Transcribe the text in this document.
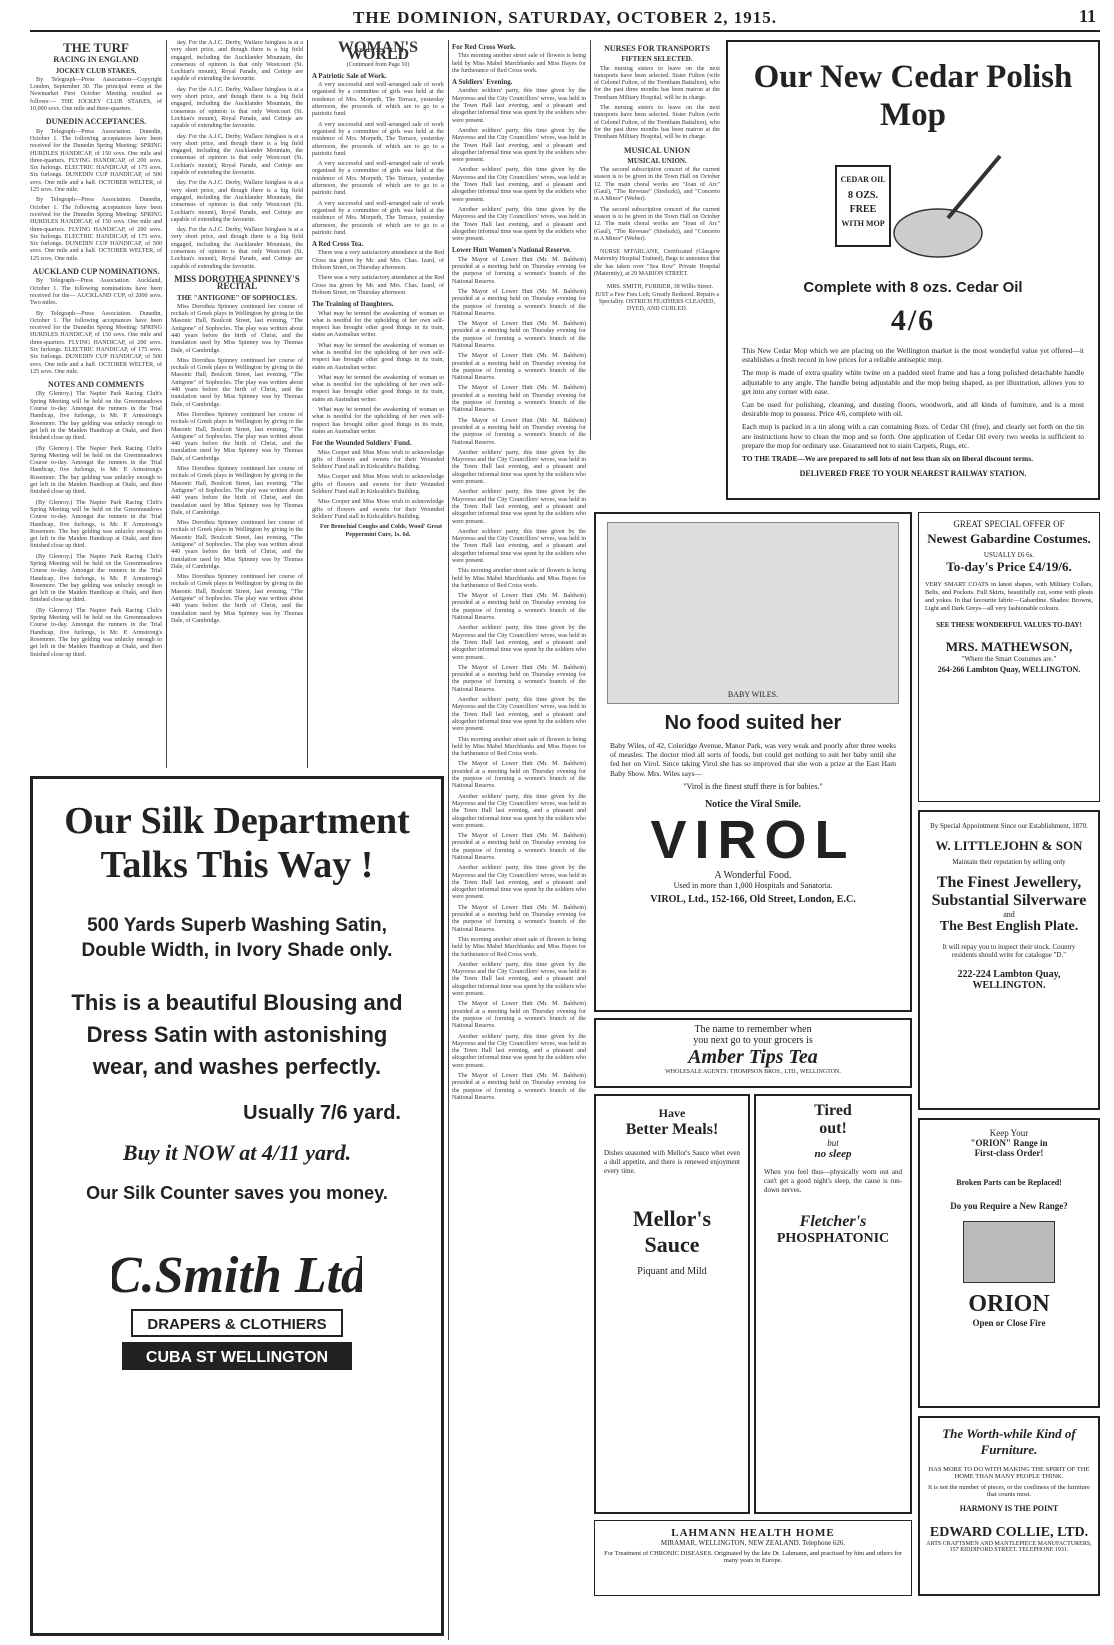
THE DOMINION, SATURDAY, OCTOBER 2, 1915.	11
THE TURF
RACING IN ENGLAND
JOCKEY CLUB STAKES.

By Telegraph—Press Association—Copyright London, September 30. The principal event at the Newmarket First October Meeting resulted as follows:— THE JOCKEY CLUB STAKES, of 10,000 sovs. One mile and three-quarters.

DUNEDIN ACCEPTANCES.

By Telegraph—Press Association. Dunedin, October 1. The following acceptances have been received for the Dunedin Spring Meeting: SPRING HURDLES HANDICAP, of 150 sovs. One mile and three-quarters. FLYING HANDICAP, of 200 sovs. Six furlongs. ELECTRIC HANDICAP, of 175 sovs. Six furlongs. DUNEDIN CUP HANDICAP, of 500 sovs. One mile and a half. OCTOBER WELTER, of 125 sovs. One mile.

By Telegraph—Press Association. Dunedin, October 1. The following acceptances have been received for the Dunedin Spring Meeting: SPRING HURDLES HANDICAP, of 150 sovs. One mile and three-quarters. FLYING HANDICAP, of 200 sovs. Six furlongs. ELECTRIC HANDICAP, of 175 sovs. Six furlongs. DUNEDIN CUP HANDICAP, of 500 sovs. One mile and a half. OCTOBER WELTER, of 125 sovs. One mile.

AUCKLAND CUP NOMINATIONS.

By Telegraph—Press Association. Auckland, October 1. The following nominations have been received for the— AUCKLAND CUP, of 2000 sovs. Two miles.

By Telegraph—Press Association. Dunedin, October 1. The following acceptances have been received for the Dunedin Spring Meeting: SPRING HURDLES HANDICAP, of 150 sovs. One mile and three-quarters. FLYING HANDICAP, of 200 sovs. Six furlongs. ELECTRIC HANDICAP, of 175 sovs. Six furlongs. DUNEDIN CUP HANDICAP, of 500 sovs. One mile and a half. OCTOBER WELTER, of 125 sovs. One mile.

NOTES AND COMMENTS

(By Glenroy.) The Napier Park Racing Club's Spring Meeting will be held on the Greenmeadows Course to-day. Amongst the runners in the Trial Handicap, five furlongs, is Mr. P. Armstrong's Rosemore. The bay gelding was unlucky enough to get left in the Maiden Handicap at Otaki, and then finished close up third.

(By Glenroy.) The Napier Park Racing Club's Spring Meeting will be held on the Greenmeadows Course to-day. Amongst the runners in the Trial Handicap, five furlongs, is Mr. P. Armstrong's Rosemore. The bay gelding was unlucky enough to get left in the Maiden Handicap at Otaki, and then finished close up third.

(By Glenroy.) The Napier Park Racing Club's Spring Meeting will be held on the Greenmeadows Course to-day. Amongst the runners in the Trial Handicap, five furlongs, is Mr. P. Armstrong's Rosemore. The bay gelding was unlucky enough to get left in the Maiden Handicap at Otaki, and then finished close up third.

(By Glenroy.) The Napier Park Racing Club's Spring Meeting will be held on the Greenmeadows Course to-day. Amongst the runners in the Trial Handicap, five furlongs, is Mr. P. Armstrong's Rosemore. The bay gelding was unlucky enough to get left in the Maiden Handicap at Otaki, and then finished close up third.

(By Glenroy.) The Napier Park Racing Club's Spring Meeting will be held on the Greenmeadows Course to-day. Amongst the runners in the Trial Handicap, five furlongs, is Mr. P. Armstrong's Rosemore. The bay gelding was unlucky enough to get left in the Maiden Handicap at Otaki, and then finished close up third.

day. For the A.J.C. Derby, Wallace Isinglass is at a very short price, and though there is a big field engaged, including the Aucklander Mountain, the consensus of opinion is that only Westcourt (St. Lochian's mount), Royal Parade, and Cetinje are capable of extending the favourite.

day. For the A.J.C. Derby, Wallace Isinglass is at a very short price, and though there is a big field engaged, including the Aucklander Mountain, the consensus of opinion is that only Westcourt (St. Lochian's mount), Royal Parade, and Cetinje are capable of extending the favourite.

day. For the A.J.C. Derby, Wallace Isinglass is at a very short price, and though there is a big field engaged, including the Aucklander Mountain, the consensus of opinion is that only Westcourt (St. Lochian's mount), Royal Parade, and Cetinje are capable of extending the favourite.

day. For the A.J.C. Derby, Wallace Isinglass is at a very short price, and though there is a big field engaged, including the Aucklander Mountain, the consensus of opinion is that only Westcourt (St. Lochian's mount), Royal Parade, and Cetinje are capable of extending the favourite.

day. For the A.J.C. Derby, Wallace Isinglass is at a very short price, and though there is a big field engaged, including the Aucklander Mountain, the consensus of opinion is that only Westcourt (St. Lochian's mount), Royal Parade, and Cetinje are capable of extending the favourite.

MISS DOROTHEA SPINNEY'S RECITAL
THE "ANTIGONE" OF SOPHOCLES.

Miss Dorothea Spinney continued her course of recitals of Greek plays in Wellington by giving in the Masonic Hall, Boulcott Street, last evening, "The Antigone" of Sophocles. The play was written about 440 years before the birth of Christ, and the translation used by Miss Spinney was by Thomas Dale, of Cambridge.

Miss Dorothea Spinney continued her course of recitals of Greek plays in Wellington by giving in the Masonic Hall, Boulcott Street, last evening, "The Antigone" of Sophocles. The play was written about 440 years before the birth of Christ, and the translation used by Miss Spinney was by Thomas Dale, of Cambridge.

Miss Dorothea Spinney continued her course of recitals of Greek plays in Wellington by giving in the Masonic Hall, Boulcott Street, last evening, "The Antigone" of Sophocles. The play was written about 440 years before the birth of Christ, and the translation used by Miss Spinney was by Thomas Dale, of Cambridge.

Miss Dorothea Spinney continued her course of recitals of Greek plays in Wellington by giving in the Masonic Hall, Boulcott Street, last evening, "The Antigone" of Sophocles. The play was written about 440 years before the birth of Christ, and the translation used by Miss Spinney was by Thomas Dale, of Cambridge.

Miss Dorothea Spinney continued her course of recitals of Greek plays in Wellington by giving in the Masonic Hall, Boulcott Street, last evening, "The Antigone" of Sophocles. The play was written about 440 years before the birth of Christ, and the translation used by Miss Spinney was by Thomas Dale, of Cambridge.

Miss Dorothea Spinney continued her course of recitals of Greek plays in Wellington by giving in the Masonic Hall, Boulcott Street, last evening, "The Antigone" of Sophocles. The play was written about 440 years before the birth of Christ, and the translation used by Miss Spinney was by Thomas Dale, of Cambridge.

WOMAN'S WORLD
(Continued from Page 10)
A Patriotic Sale of Work.

A very successful and well-arranged sale of work organised by a committee of girls was held at the residence of Mrs. Morpeth, The Terrace, yesterday afternoon, the proceeds of which are to go to a patriotic fund.

A very successful and well-arranged sale of work organised by a committee of girls was held at the residence of Mrs. Morpeth, The Terrace, yesterday afternoon, the proceeds of which are to go to a patriotic fund.

A very successful and well-arranged sale of work organised by a committee of girls was held at the residence of Mrs. Morpeth, The Terrace, yesterday afternoon, the proceeds of which are to go to a patriotic fund.

A very successful and well-arranged sale of work organised by a committee of girls was held at the residence of Mrs. Morpeth, The Terrace, yesterday afternoon, the proceeds of which are to go to a patriotic fund.

A Red Cross Tea.

There was a very satisfactory attendance at the Red Cross tea given by Mr. and Mrs. Chas. Izard, of Hobson Street, on Thursday afternoon.

There was a very satisfactory attendance at the Red Cross tea given by Mr. and Mrs. Chas. Izard, of Hobson Street, on Thursday afternoon.

The Training of Daughters.

What may be termed the awakening of woman to what is needful for the upholding of her own self-respect has brought other good things in its train, states an Australian writer.

What may be termed the awakening of woman to what is needful for the upholding of her own self-respect has brought other good things in its train, states an Australian writer.

What may be termed the awakening of woman to what is needful for the upholding of her own self-respect has brought other good things in its train, states an Australian writer.

What may be termed the awakening of woman to what is needful for the upholding of her own self-respect has brought other good things in its train, states an Australian writer.

For the Wounded Soldiers' Fund.

Miss Cooper and Miss Moss wish to acknowledge gifts of flowers and sweets for their Wounded Soldiers' Fund stall in Kirkcaldie's Building.

Miss Cooper and Miss Moss wish to acknowledge gifts of flowers and sweets for their Wounded Soldiers' Fund stall in Kirkcaldie's Building.

Miss Cooper and Miss Moss wish to acknowledge gifts of flowers and sweets for their Wounded Soldiers' Fund stall in Kirkcaldie's Building.

For Bronchial Coughs and Colds, Wood' Great Peppermint Cure, 1s. 6d.

For Red Cross Work.

This morning another street sale of flowers is being held by Miss Mabel Marchbanks and Miss Hayes for the furtherance of Red Cross work.

A Soldiers' Evening.

Another soldiers' party, this time given by the Mayoress and the City Councillors' wives, was held in the Town Hall last evening, and a pleasant and altogether informal time was spent by the soldiers who were present.

Another soldiers' party, this time given by the Mayoress and the City Councillors' wives, was held in the Town Hall last evening, and a pleasant and altogether informal time was spent by the soldiers who were present.

Another soldiers' party, this time given by the Mayoress and the City Councillors' wives, was held in the Town Hall last evening, and a pleasant and altogether informal time was spent by the soldiers who were present.

Another soldiers' party, this time given by the Mayoress and the City Councillors' wives, was held in the Town Hall last evening, and a pleasant and altogether informal time was spent by the soldiers who were present.

Lower Hutt Women's National Reserve.

The Mayor of Lower Hutt (Mr. M. Baldwin) presided at a meeting held on Thursday evening for the purpose of forming a women's branch of the National Reserve.

The Mayor of Lower Hutt (Mr. M. Baldwin) presided at a meeting held on Thursday evening for the purpose of forming a women's branch of the National Reserve.

The Mayor of Lower Hutt (Mr. M. Baldwin) presided at a meeting held on Thursday evening for the purpose of forming a women's branch of the National Reserve.

The Mayor of Lower Hutt (Mr. M. Baldwin) presided at a meeting held on Thursday evening for the purpose of forming a women's branch of the National Reserve.

The Mayor of Lower Hutt (Mr. M. Baldwin) presided at a meeting held on Thursday evening for the purpose of forming a women's branch of the National Reserve.

The Mayor of Lower Hutt (Mr. M. Baldwin) presided at a meeting held on Thursday evening for the purpose of forming a women's branch of the National Reserve.

Another soldiers' party, this time given by the Mayoress and the City Councillors' wives, was held in the Town Hall last evening, and a pleasant and altogether informal time was spent by the soldiers who were present.

Another soldiers' party, this time given by the Mayoress and the City Councillors' wives, was held in the Town Hall last evening, and a pleasant and altogether informal time was spent by the soldiers who were present.

Another soldiers' party, this time given by the Mayoress and the City Councillors' wives, was held in the Town Hall last evening, and a pleasant and altogether informal time was spent by the soldiers who were present.

This morning another street sale of flowers is being held by Miss Mabel Marchbanks and Miss Hayes for the furtherance of Red Cross work.

The Mayor of Lower Hutt (Mr. M. Baldwin) presided at a meeting held on Thursday evening for the purpose of forming a women's branch of the National Reserve.

Another soldiers' party, this time given by the Mayoress and the City Councillors' wives, was held in the Town Hall last evening, and a pleasant and altogether informal time was spent by the soldiers who were present.

The Mayor of Lower Hutt (Mr. M. Baldwin) presided at a meeting held on Thursday evening for the purpose of forming a women's branch of the National Reserve.

Another soldiers' party, this time given by the Mayoress and the City Councillors' wives, was held in the Town Hall last evening, and a pleasant and altogether informal time was spent by the soldiers who were present.

This morning another street sale of flowers is being held by Miss Mabel Marchbanks and Miss Hayes for the furtherance of Red Cross work.

The Mayor of Lower Hutt (Mr. M. Baldwin) presided at a meeting held on Thursday evening for the purpose of forming a women's branch of the National Reserve.

Another soldiers' party, this time given by the Mayoress and the City Councillors' wives, was held in the Town Hall last evening, and a pleasant and altogether informal time was spent by the soldiers who were present.

The Mayor of Lower Hutt (Mr. M. Baldwin) presided at a meeting held on Thursday evening for the purpose of forming a women's branch of the National Reserve.

Another soldiers' party, this time given by the Mayoress and the City Councillors' wives, was held in the Town Hall last evening, and a pleasant and altogether informal time was spent by the soldiers who were present.

The Mayor of Lower Hutt (Mr. M. Baldwin) presided at a meeting held on Thursday evening for the purpose of forming a women's branch of the National Reserve.

This morning another street sale of flowers is being held by Miss Mabel Marchbanks and Miss Hayes for the furtherance of Red Cross work.

Another soldiers' party, this time given by the Mayoress and the City Councillors' wives, was held in the Town Hall last evening, and a pleasant and altogether informal time was spent by the soldiers who were present.

The Mayor of Lower Hutt (Mr. M. Baldwin) presided at a meeting held on Thursday evening for the purpose of forming a women's branch of the National Reserve.

Another soldiers' party, this time given by the Mayoress and the City Councillors' wives, was held in the Town Hall last evening, and a pleasant and altogether informal time was spent by the soldiers who were present.

The Mayor of Lower Hutt (Mr. M. Baldwin) presided at a meeting held on Thursday evening for the purpose of forming a women's branch of the National Reserve.

NURSES FOR TRANSPORTS
FIFTEEN SELECTED.

The nursing sisters to leave on the next transports have been selected. Sister Fulton (wife of Colonel Fulton, of the Trentham Battalion), who for the past three months has been matron at the Trentham Military Hospital, will be in charge.

The nursing sisters to leave on the next transports have been selected. Sister Fulton (wife of Colonel Fulton, of the Trentham Battalion), who for the past three months has been matron at the Trentham Military Hospital, will be in charge.

MUSICAL UNION
MUSICAL UNION.

The second subscription concert of the current season is to be given in the Town Hall on October 12. The main choral works are "Joan of Arc" (Gaul), "The Reveuse" (Strelezki), and "Concerto in A Minor" (Weber).

The second subscription concert of the current season is to be given in the Town Hall on October 12. The main choral works are "Joan of Arc" (Gaul), "The Reveuse" (Strelezki), and "Concerto in A Minor" (Weber).

NURSE M'FARLANE, Certificated (Glasgow Maternity Hospital Trained), Begs to announce that she has taken over "Sea Row" Private Hospital (Maternity), at 29 MARION STREET.

MRS. SMITH, FURRIER, 38 Willis Street. JUST a Few Furs Left; Greatly Reduced. Repairs a Speciality. OSTRICH FEATHERS CLEANED, DYED, AND CURLED.

Our Silk Department
Talks This Way !
500 Yards Superb Washing Satin,
Double Width, in Ivory Shade only.
This is a beautiful Blousing and
Dress Satin with astonishing
wear, and washes perfectly.
Usually 7/6 yard.
Buy it NOW at 4/11 yard.
Our Silk Counter saves you money.
C.Smith Ltd
DRAPERS & CLOTHIERS
CUBA ST WELLINGTON
Our New Cedar Polish Mop
CEDAR OIL
8 OZS.
FREE
WITH MOP
Complete with 8 ozs. Cedar Oil
4/6
This New Cedar Mop which we are placing on the Wellington market is the most wonderful value yet offered—it establishes a fresh record in low prices for a reliable antiseptic mop.
The mop is made of extra quality white twine on a padded steel frame and has a long polished detachable handle adjustable to any angle. The handle being adjustable and the mop being shaped, as per illustration, allows you to get into any corner with ease.
Can be used for polishing, cleaning, and dusting floors, woodwork, and all kinds of furniture, and is a most desirable mop to possess. Price 4/6, complete with oil.
Each mop is packed in a tin along with a can containing 8ozs. of Cedar Oil (free), and clearly set forth on the tin are instructions how to clean the mop and so forth. One application of Cedar Oil every two weeks is sufficient to prepare the mop for ordinary use. Guaranteed not to stain Carpets, Rugs, etc.
TO THE TRADE—We are prepared to sell lots of not less than six on liberal discount terms.
DELIVERED FREE TO YOUR NEAREST RAILWAY STATION.
BABY WILES.
No food suited her
Baby Wiles, of 42, Coleridge Avenue, Manor Park, was very weak and poorly after three weeks of measles. The doctor tried all sorts of foods, but could get nothing to suit her baby until she fed her on Virol. Since taking Virol she has so improved that she won a prize at the East Ham Baby Show. Mrs. Wiles says—
"Virol is the finest stuff there is for babies."
Notice the Viral Smile.
VIROL
A Wonderful Food.
Used in more than 1,000 Hospitals and Sanatoria.
VIROL, Ltd., 152-166, Old Street, London, E.C.
GREAT SPECIAL OFFER OF
Newest Gabardine Costumes.
USUALLY £6 6s.
To-day's Price £4/19/6.
VERY SMART COATS in latest shapes, with Military Collars, Belts, and Pockets. Full Skirts, beautifully cut, some with pleats and yokes. In that favourite fabric—Gabardine. Shades: Browns, Light and Dark Greys—all very fashionable colours.
SEE THESE WONDERFUL VALUES TO-DAY!
MRS. MATHEWSON,
"Where the Smart Costumes are."
264-266 Lambton Quay, WELLINGTON.
By Special Appointment Since our Establishment, 1870.
W. LITTLEJOHN & SON
Maintain their reputation by selling only
The Finest Jewellery,
Substantial Silverware
and
The Best English Plate.
It will repay you to inspect their stock. Country residents should write for catalogue "D."
222-224 Lambton Quay,
WELLINGTON.
The name to remember when
you next go to your grocers is
Amber Tips Tea
WHOLESALE AGENTS: THOMPSON BROS., LTD., WELLINGTON.
Have
Better Meals!
Dishes seasoned with Mellor's Sauce whet even a dull appetite, and there is renewed enjoyment every time.
Mellor's
Sauce
Piquant and Mild
Tired
out!
but
no sleep
When you feel thus—physically worn out and can't get a good night's sleep, the cause is run-down nerves.
Fletcher's
PHOSPHATONIC
Keep Your
"ORION" Range in
First-class Order!
Broken Parts can be Replaced!
Do you Require a New Range?
ORION
Open or Close Fire
The Worth-while Kind of Furniture.
HAS MORE TO DO WITH MAKING THE SPIRIT OF THE HOME THAN MANY PEOPLE THINK.
It is not the number of pieces, or the costliness of the furniture that counts most.
HARMONY IS THE POINT
EDWARD COLLIE, LTD.
ARTS CRAFTSMEN AND MANTLEPIECE MANUFACTURERS,
157 RIDDIFORD STREET. TELEPHONE 1931.
LAHMANN HEALTH HOME
MIRAMAR, WELLINGTON, NEW ZEALAND. Telephone 626.
For Treatment of CHRONIC DISEASES. Originated by the late Dr. Lahmann, and practised by him and others for many years in Europe.
